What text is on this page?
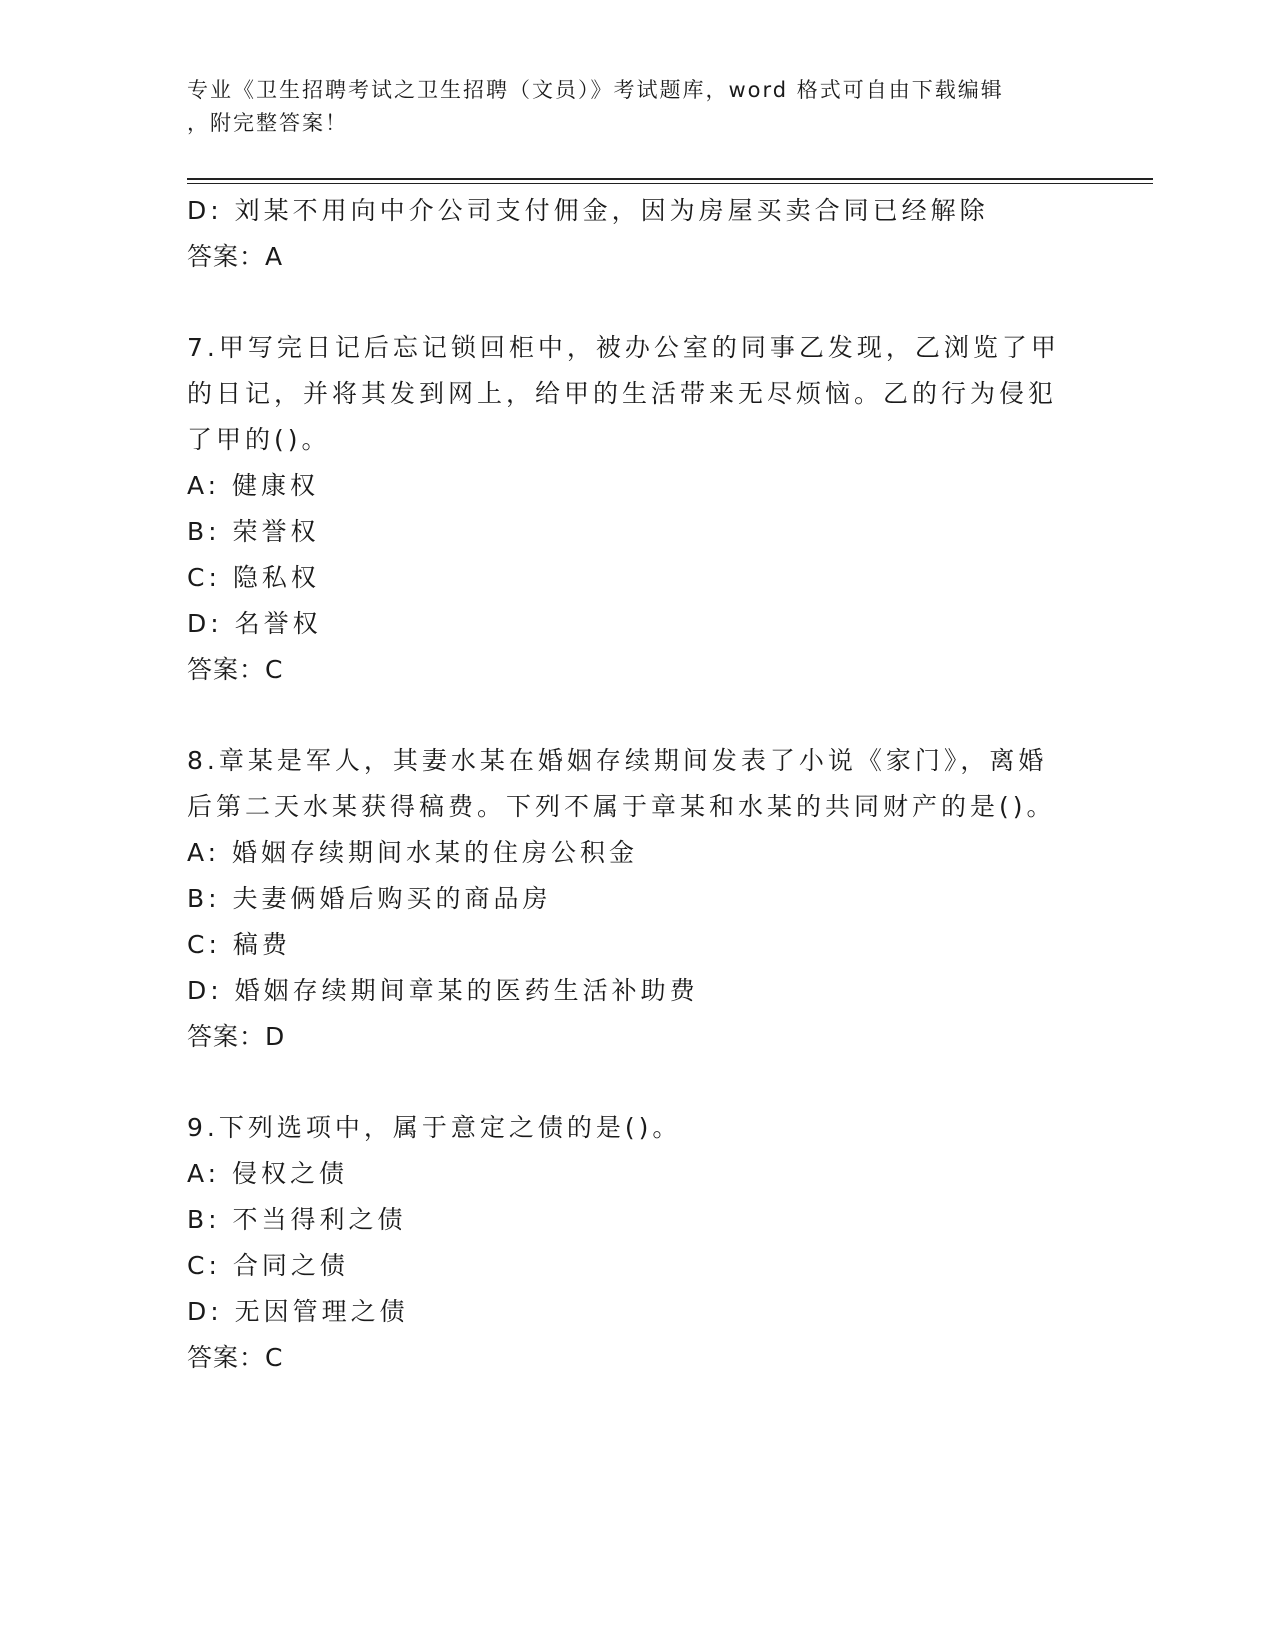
专业《卫生招聘考试之卫生招聘（文员）》考试题库，word 格式可自由下载编辑
，附完整答案！
D: 刘某不用向中介公司支付佣金，因为房屋买卖合同已经解除
答案：A
7.甲写完日记后忘记锁回柜中，被办公室的同事乙发现，乙浏览了甲
的日记，并将其发到网上，给甲的生活带来无尽烦恼。乙的行为侵犯
了甲的()。
A: 健康权
B: 荣誉权
C: 隐私权
D: 名誉权
答案：C
8.章某是军人，其妻水某在婚姻存续期间发表了小说《家门》，离婚
后第二天水某获得稿费。下列不属于章某和水某的共同财产的是()。
A: 婚姻存续期间水某的住房公积金
B: 夫妻俩婚后购买的商品房
C: 稿费
D: 婚姻存续期间章某的医药生活补助费
答案：D
9.下列选项中，属于意定之债的是()。
A: 侵权之债
B: 不当得利之债
C: 合同之债
D: 无因管理之债
答案：C
